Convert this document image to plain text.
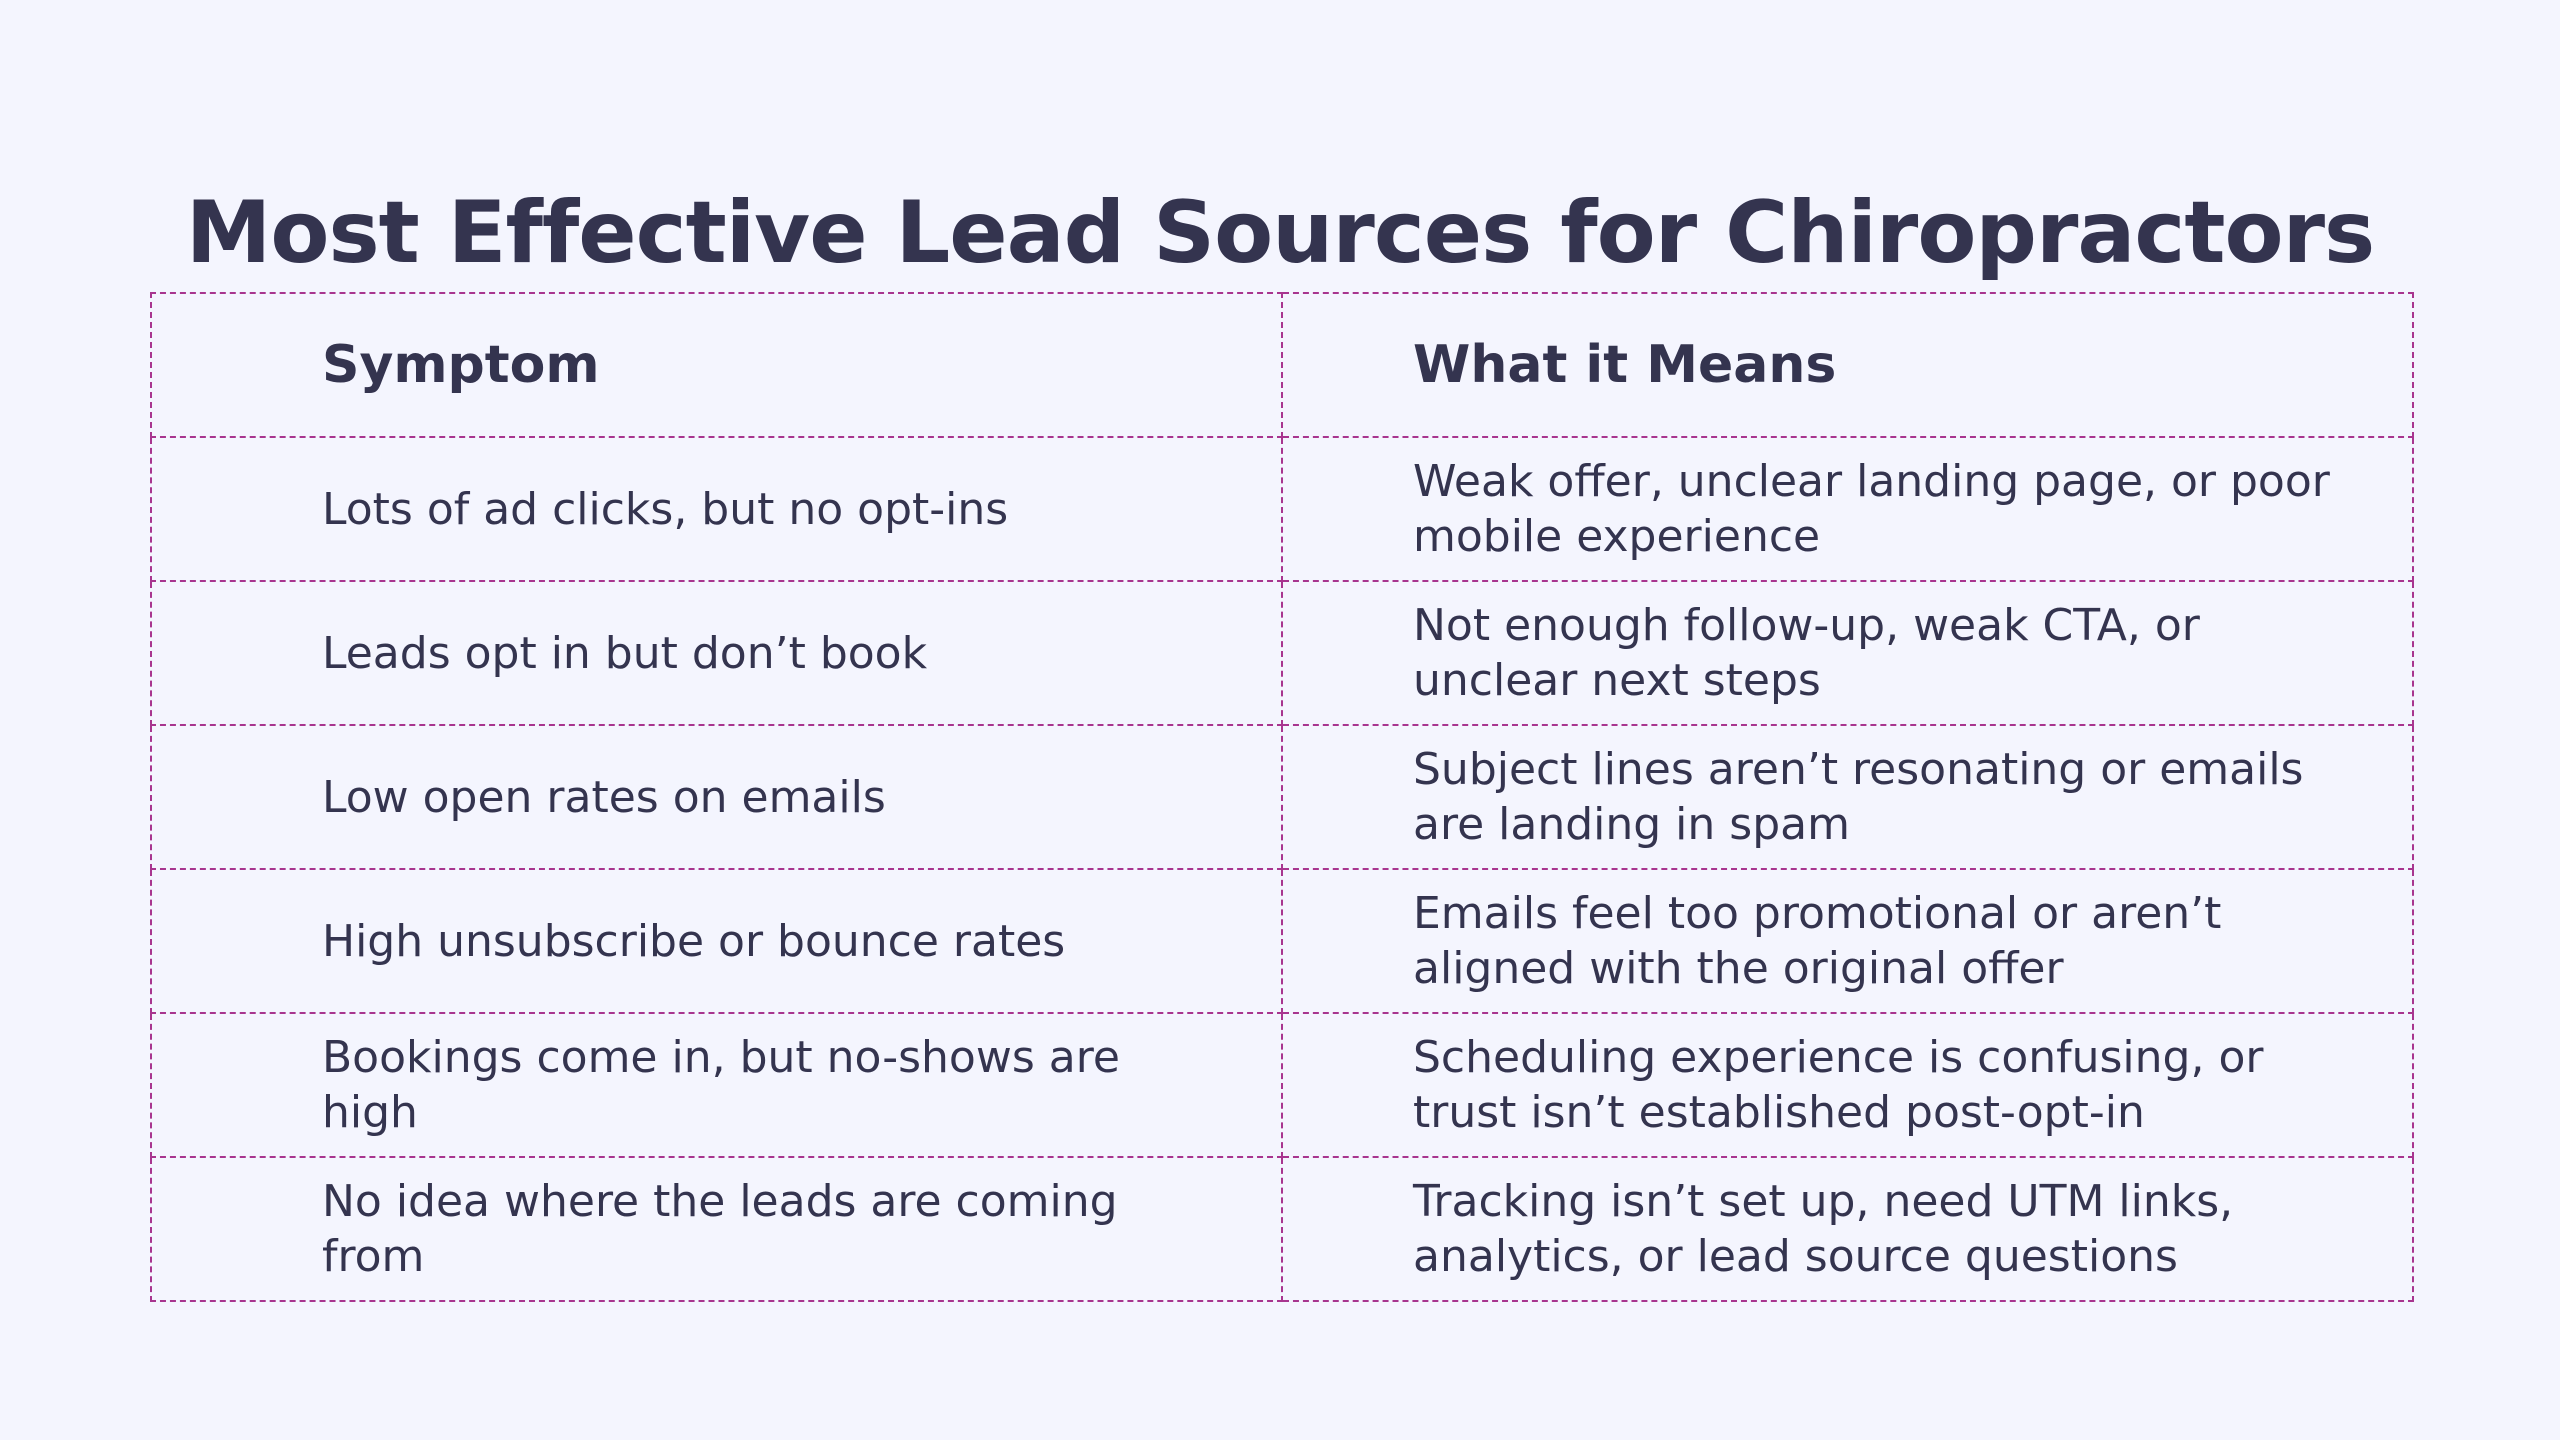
Most Effective Lead Sources for Chiropractors
Symptom	What it Means

Lots of ad clicks, but no opt-ins	Weak offer, unclear landing page, or poor mobile experience

Leads opt in but don’t book	Not enough follow-up, weak CTA, or unclear next steps

Low open rates on emails	Subject lines aren’t resonating or emails are landing in spam

High unsubscribe or bounce rates	Emails feel too promotional or aren’t aligned with the original offer

Bookings come in, but no-shows are high	Scheduling experience is confusing, or trust isn’t established post-opt-in

No idea where the leads are coming from	Tracking isn’t set up, need UTM links, analytics, or lead source questions
